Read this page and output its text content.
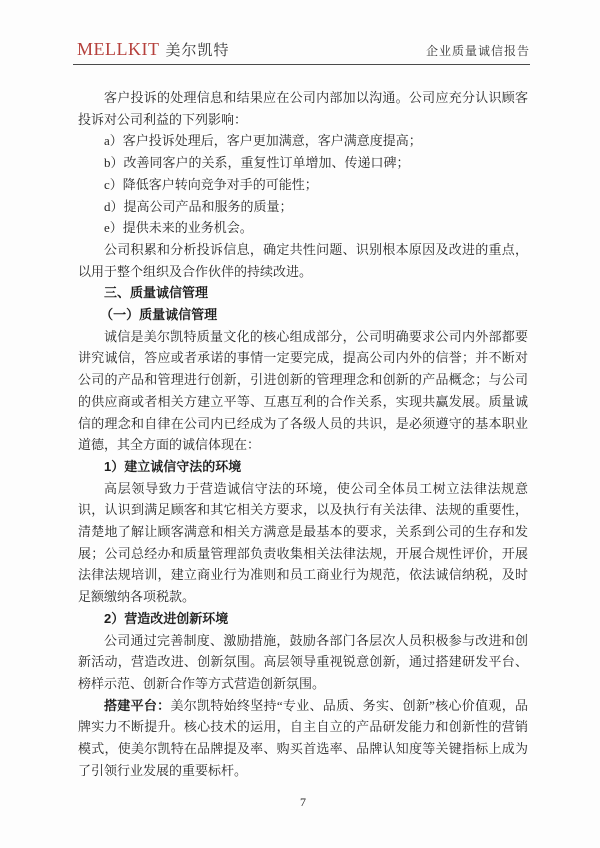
MELLKIT 美尔凯特	企业质量诚信报告

客户投诉的处理信息和结果应在公司内部加以沟通。公司应充分认识顾客投诉对公司利益的下列影响：

a）客户投诉处理后，客户更加满意，客户满意度提高；

b）改善同客户的关系，重复性订单增加、传递口碑；

c）降低客户转向竞争对手的可能性；

d）提高公司产品和服务的质量；

e）提供未来的业务机会。

公司积累和分析投诉信息，确定共性问题、识别根本原因及改进的重点，以用于整个组织及合作伙伴的持续改进。

三、质量诚信管理

（一）质量诚信管理

诚信是美尔凯特质量文化的核心组成部分，公司明确要求公司内外部都要讲究诚信，答应或者承诺的事情一定要完成，提高公司内外的信誉；并不断对公司的产品和管理进行创新，引进创新的管理理念和创新的产品概念；与公司的供应商或者相关方建立平等、互惠互利的合作关系，实现共赢发展。质量诚信的理念和自律在公司内已经成为了各级人员的共识，是必须遵守的基本职业道德，其全方面的诚信体现在：

1）建立诚信守法的环境

高层领导致力于营造诚信守法的环境，使公司全体员工树立法律法规意识，认识到满足顾客和其它相关方要求，以及执行有关法律、法规的重要性，清楚地了解让顾客满意和相关方满意是最基本的要求，关系到公司的生存和发展；公司总经办和质量管理部负责收集相关法律法规，开展合规性评价，开展法律法规培训，建立商业行为准则和员工商业行为规范，依法诚信纳税，及时足额缴纳各项税款。

2）营造改进创新环境

公司通过完善制度、激励措施，鼓励各部门各层次人员积极参与改进和创新活动，营造改进、创新氛围。高层领导重视锐意创新，通过搭建研发平台、榜样示范、创新合作等方式营造创新氛围。

搭建平台：美尔凯特始终坚持“专业、品质、务实、创新”核心价值观，品牌实力不断提升。核心技术的运用，自主自立的产品研发能力和创新性的营销模式，使美尔凯特在品牌提及率、购买首选率、品牌认知度等关键指标上成为了引领行业发展的重要标杆。

7
